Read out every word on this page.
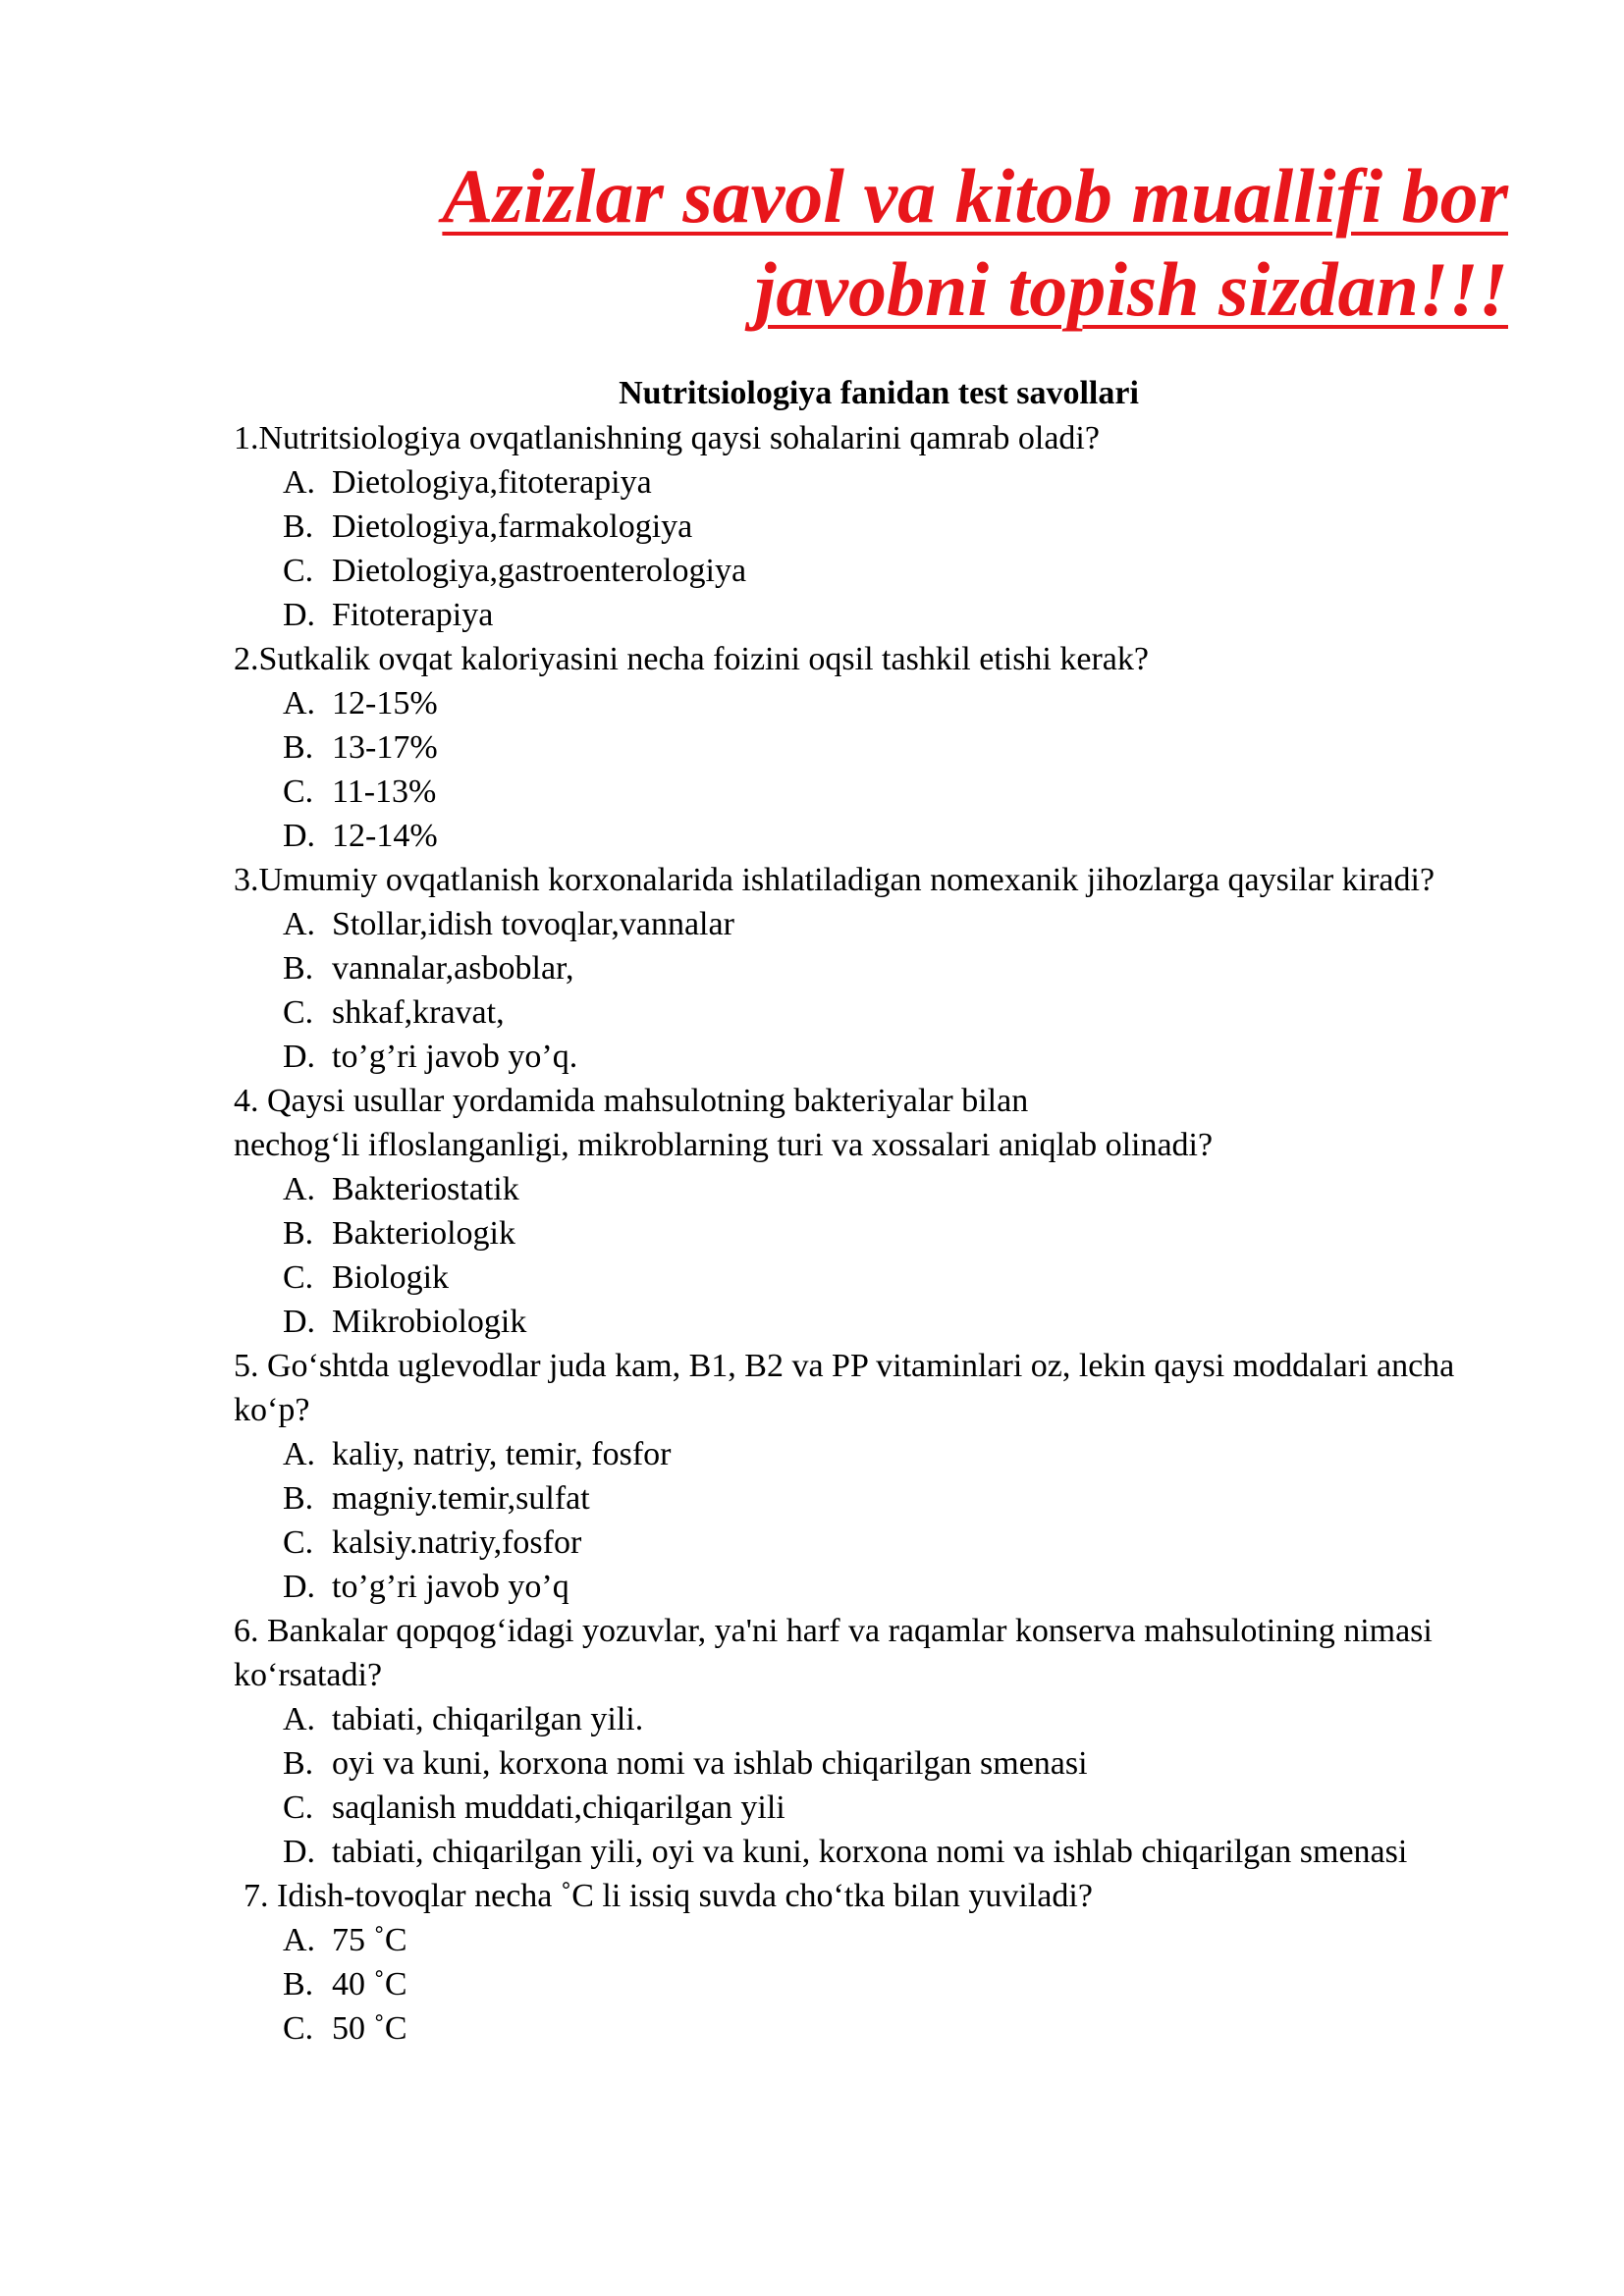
Azizlar savol va kitob muallifi bor
javobni topish sizdan!!!
Nutritsiologiya fanidan test savollari
1.Nutritsiologiya ovqatlanishning qaysi sohalarini qamrab oladi?
A. Dietologiya,fitoterapiya
B. Dietologiya,farmakologiya
C. Dietologiya,gastroenterologiya
D. Fitoterapiya
2.Sutkalik ovqat kaloriyasini necha foizini oqsil tashkil etishi kerak?
A. 12-15%
B. 13-17%
C. 11-13%
D. 12-14%
3.Umumiy ovqatlanish korxonalarida ishlatiladigan nomexanik jihozlarga qaysilar kiradi?
A. Stollar,idish tovoqlar,vannalar
B. vannalar,asboblar,
C. shkaf,kravat,
D. to’g’ri javob yo’q.
4. Qaysi usullar yordamida mahsulotning bakteriyalar bilan
nechog‘li ifloslanganligi, mikroblarning turi va xossalari aniqlab olinadi?
A. Bakteriostatik
B. Bakteriologik
C. Biologik
D. Mikrobiologik
5. Go‘shtda uglevodlar juda kam, B1, B2 va PP vitaminlari oz, lekin qaysi moddalari ancha ko‘p?
A. kaliy, natriy, temir, fosfor
B. magniy.temir,sulfat
C. kalsiy.natriy,fosfor
D. to’g’ri javob yo’q
6. Bankalar qopqog‘idagi yozuvlar, ya'ni harf va raqamlar konserva mahsulotining nimasi ko‘rsatadi?
A. tabiati, chiqarilgan yili.
B. oyi va kuni, korxona nomi va ishlab chiqarilgan smenasi
C. saqlanish muddati,chiqarilgan yili
D. tabiati, chiqarilgan yili, oyi va kuni, korxona nomi va ishlab chiqarilgan smenasi
7. Idish-tovoqlar necha ˚C li issiq suvda cho‘tka bilan yuviladi?
A. 75 ˚C
B. 40 ˚C
C. 50 ˚C
